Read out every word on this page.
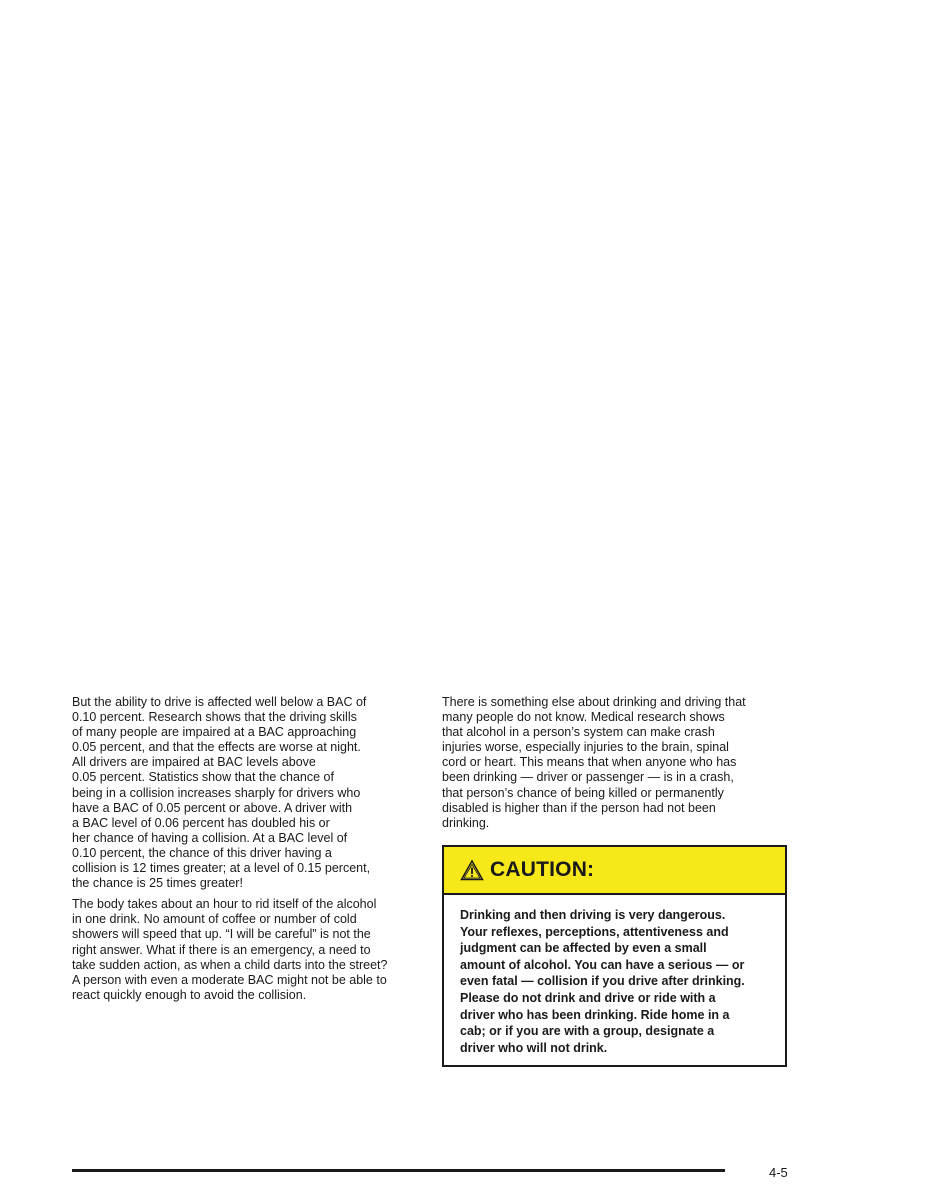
But the ability to drive is affected well below a BAC of
0.10 percent. Research shows that the driving skills
of many people are impaired at a BAC approaching
0.05 percent, and that the effects are worse at night.
All drivers are impaired at BAC levels above
0.05 percent. Statistics show that the chance of
being in a collision increases sharply for drivers who
have a BAC of 0.05 percent or above. A driver with
a BAC level of 0.06 percent has doubled his or
her chance of having a collision. At a BAC level of
0.10 percent, the chance of this driver having a
collision is 12 times greater; at a level of 0.15 percent,
the chance is 25 times greater!

The body takes about an hour to rid itself of the alcohol
in one drink. No amount of coffee or number of cold
showers will speed that up. “I will be careful” is not the
right answer. What if there is an emergency, a need to
take sudden action, as when a child darts into the street?
A person with even a moderate BAC might not be able to
react quickly enough to avoid the collision.

There is something else about drinking and driving that
many people do not know. Medical research shows
that alcohol in a person’s system can make crash
injuries worse, especially injuries to the brain, spinal
cord or heart. This means that when anyone who has
been drinking — driver or passenger — is in a crash,
that person’s chance of being killed or permanently
disabled is higher than if the person had not been
drinking.

CAUTION:
Drinking and then driving is very dangerous.
Your reflexes, perceptions, attentiveness and
judgment can be affected by even a small
amount of alcohol. You can have a serious — or
even fatal — collision if you drive after drinking.
Please do not drink and drive or ride with a
driver who has been drinking. Ride home in a
cab; or if you are with a group, designate a
driver who will not drink.
4-5
